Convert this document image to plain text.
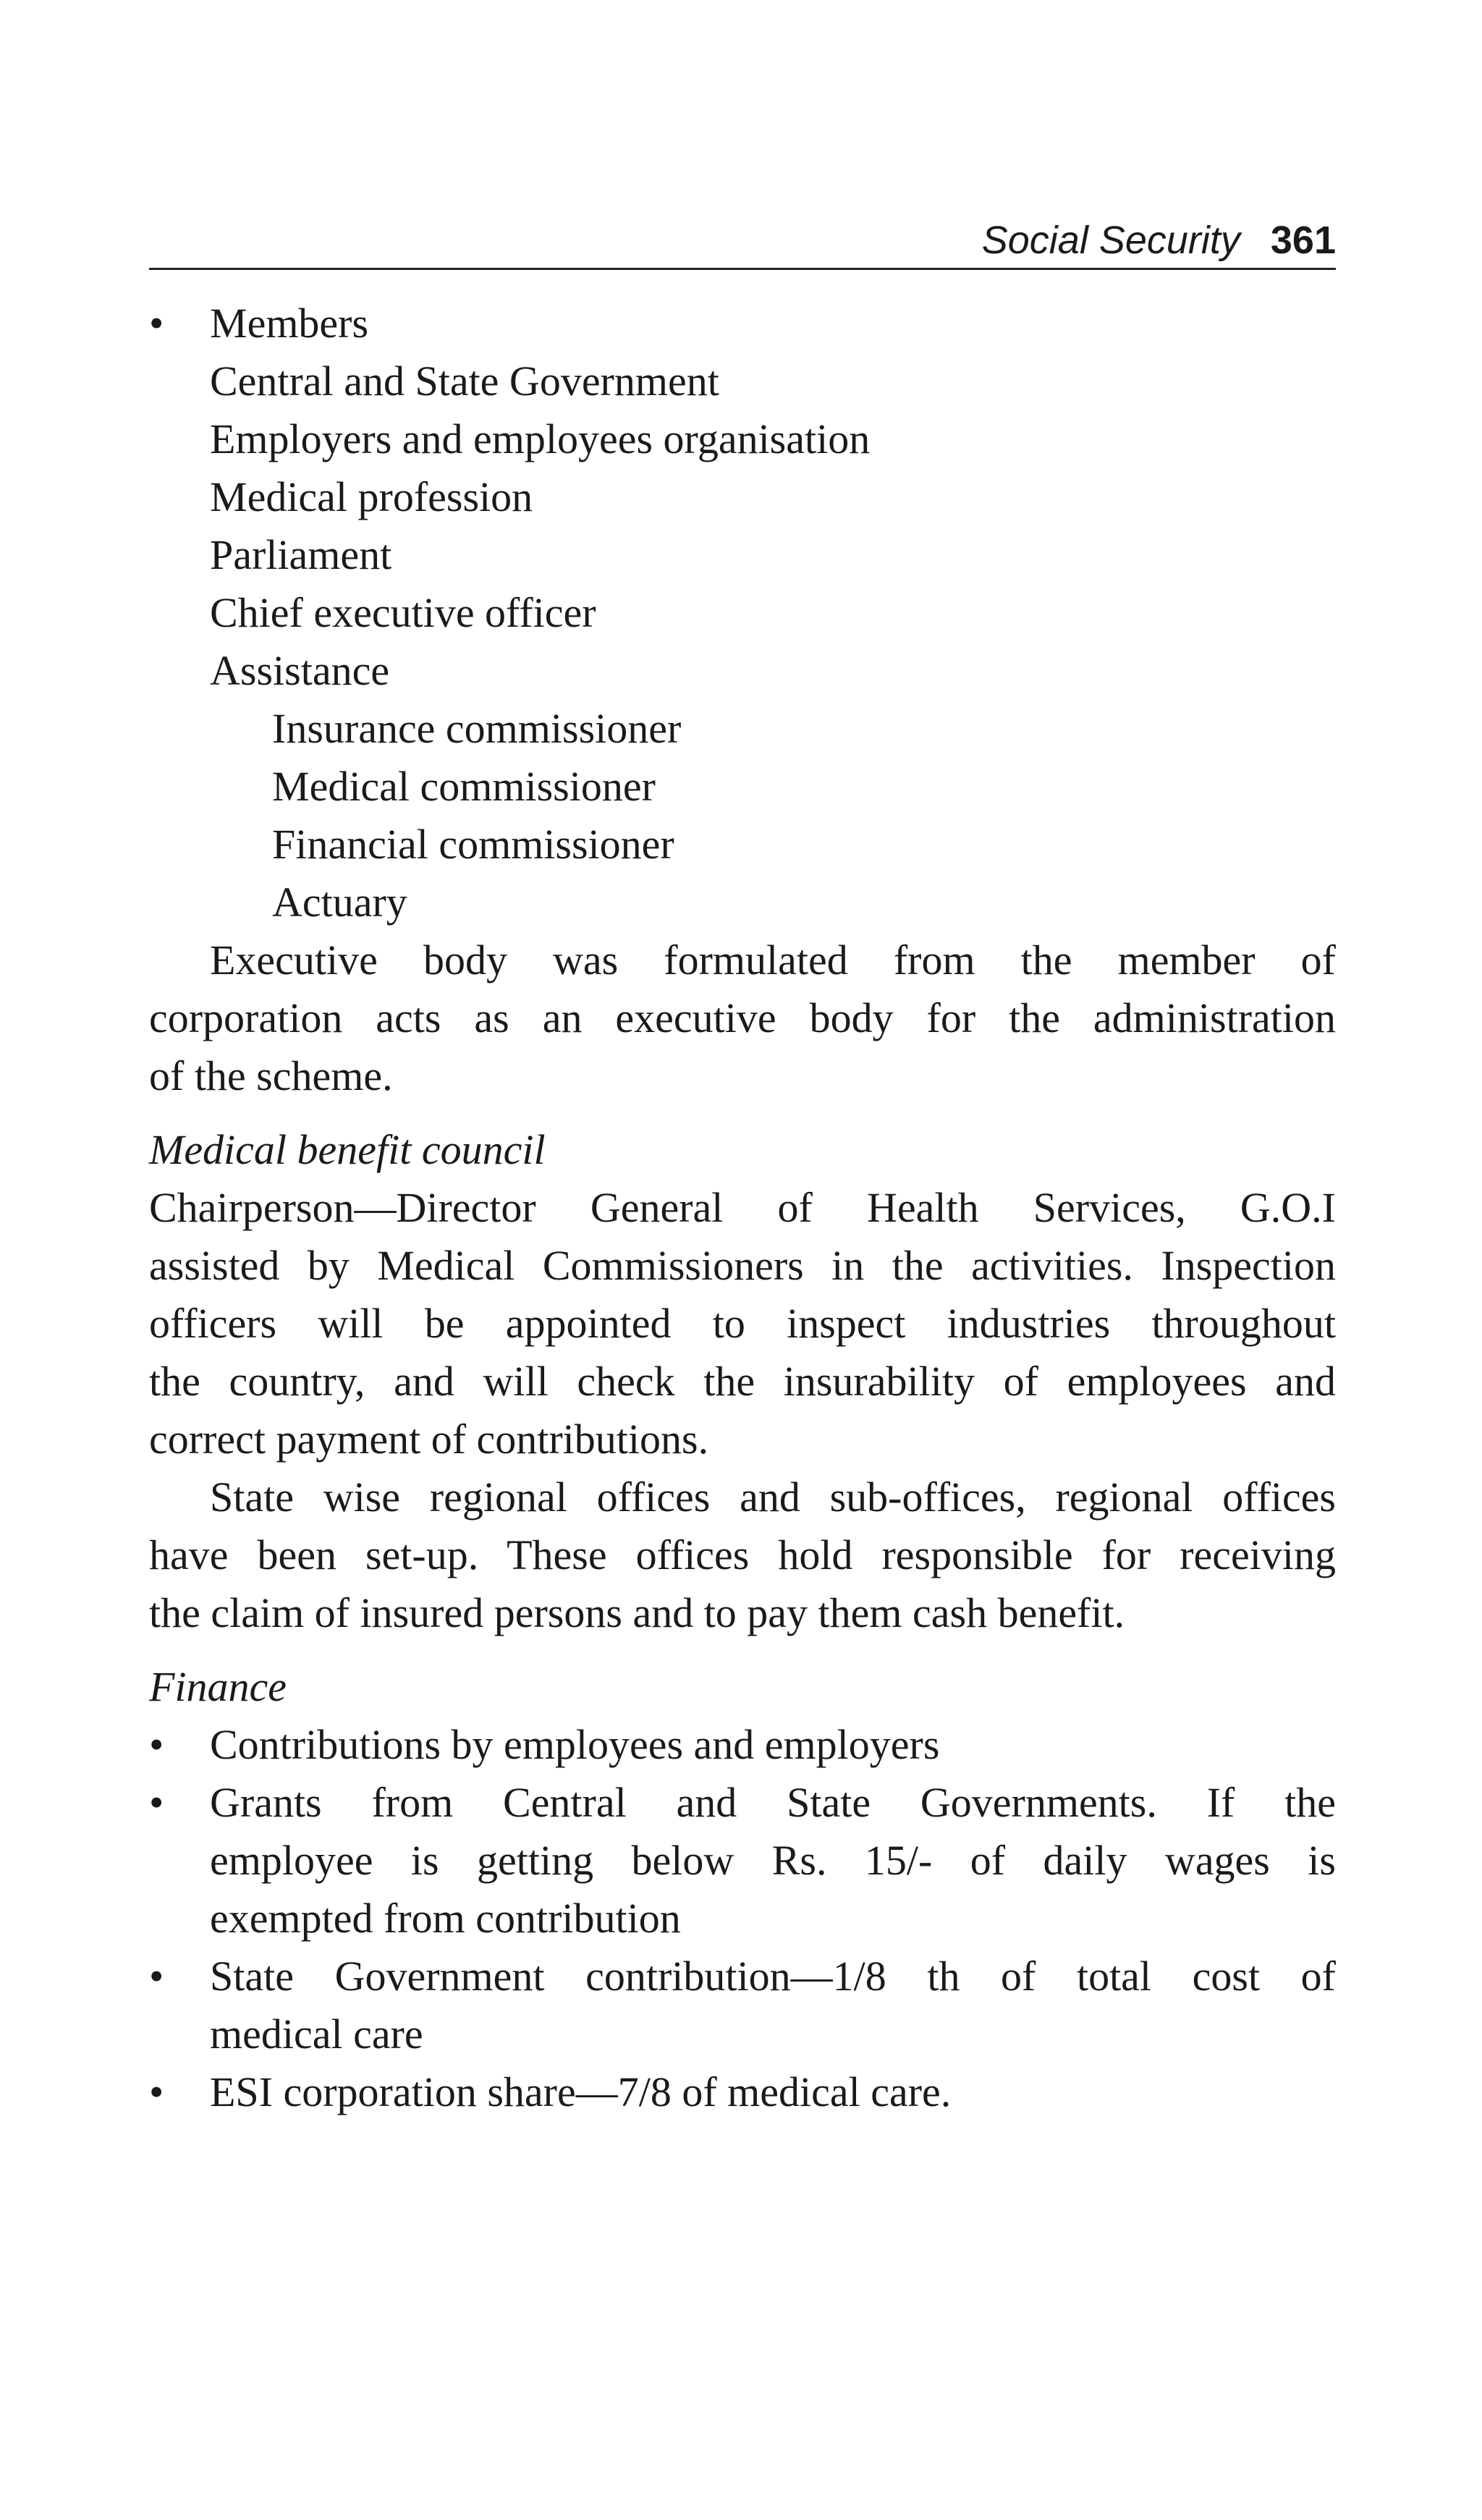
Social Security 361
•	Members
Central and State Government
Employers and employees organisation
Medical profession
Parliament
Chief executive officer
Assistance
Insurance commissioner
Medical commissioner
Financial commissioner
Actuary
Executive body was formulated from the member of
corporation acts as an executive body for the administration
of the scheme.
Medical benefit council
Chairperson—Director General of Health Services, G.O.I
assisted by Medical Commissioners in the activities. Inspection
officers will be appointed to inspect industries throughout
the country, and will check the insurability of employees and
correct payment of contributions.
State wise regional offices and sub-offices, regional offices
have been set-up. These offices hold responsible for receiving
the claim of insured persons and to pay them cash benefit.
Finance
•	Contributions by employees and employers
•	Grants from Central and State Governments. If the
employee is getting below Rs. 15/- of daily wages is
exempted from contribution
•	State Government contribution—1/8 th of total cost of
medical care
•	ESI corporation share—7/8 of medical care.
